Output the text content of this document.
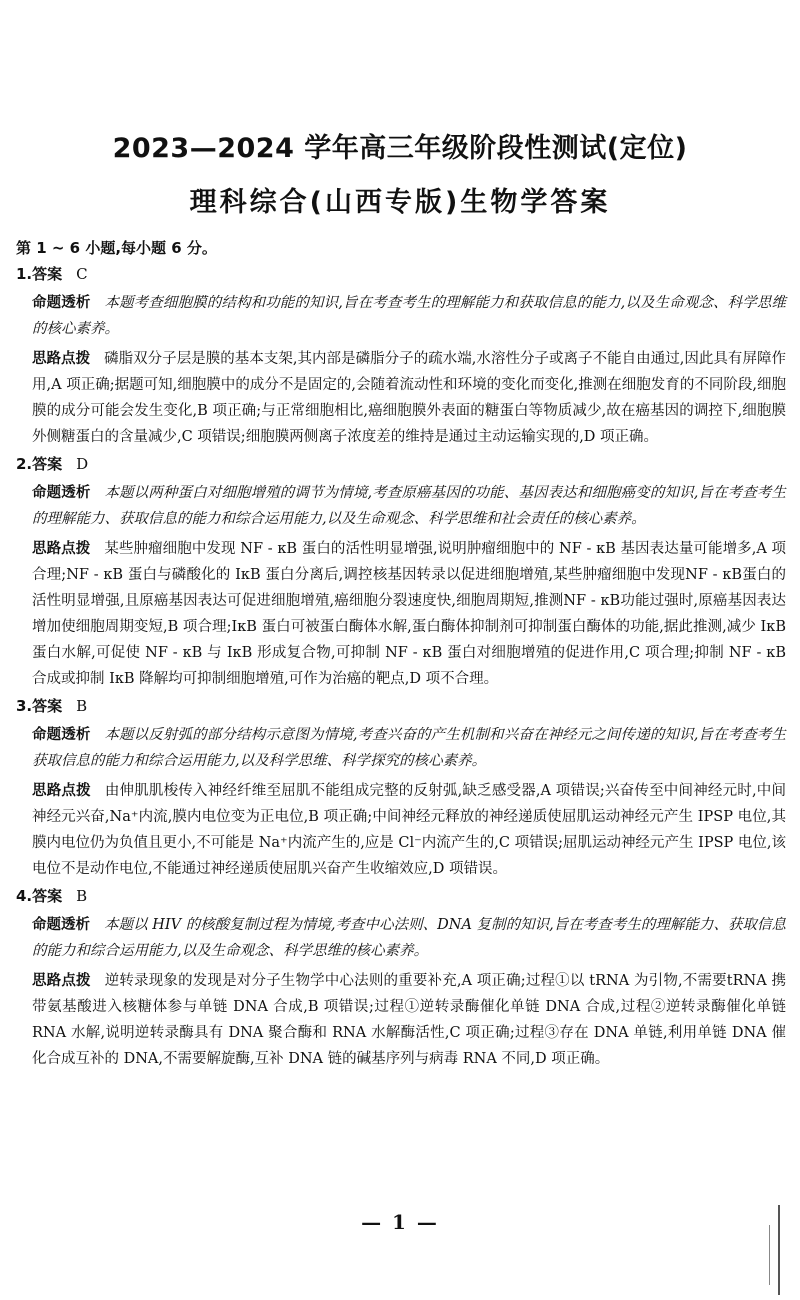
2023—2024 学年高三年级阶段性测试(定位)
理科综合(山西专版)生物学答案
第 1 ~ 6 小题,每小题 6 分。
1.答案 C
命题透析 本题考查细胞膜的结构和功能的知识,旨在考查考生的理解能力和获取信息的能力,以及生命观念、科学思维的核心素养。
思路点拨 磷脂双分子层是膜的基本支架,其内部是磷脂分子的疏水端,水溶性分子或离子不能自由通过,因此具有屏障作用,A 项正确;据题可知,细胞膜中的成分不是固定的,会随着流动性和环境的变化而变化,推测在细胞发育的不同阶段,细胞膜的成分可能会发生变化,B 项正确;与正常细胞相比,癌细胞膜外表面的糖蛋白等物质减少,故在癌基因的调控下,细胞膜外侧糖蛋白的含量减少,C 项错误;细胞膜两侧离子浓度差的维持是通过主动运输实现的,D 项正确。
2.答案 D
命题透析 本题以两种蛋白对细胞增殖的调节为情境,考查原癌基因的功能、基因表达和细胞癌变的知识,旨在考查考生的理解能力、获取信息的能力和综合运用能力,以及生命观念、科学思维和社会责任的核心素养。
思路点拨 某些肿瘤细胞中发现 NF - κB 蛋白的活性明显增强,说明肿瘤细胞中的 NF - κB 基因表达量可能增多,A 项合理;NF - κB 蛋白与磷酸化的 IκB 蛋白分离后,调控核基因转录以促进细胞增殖,某些肿瘤细胞中发现NF - κB蛋白的活性明显增强,且原癌基因表达可促进细胞增殖,癌细胞分裂速度快,细胞周期短,推测NF - κB功能过强时,原癌基因表达增加使细胞周期变短,B 项合理;IκB 蛋白可被蛋白酶体水解,蛋白酶体抑制剂可抑制蛋白酶体的功能,据此推测,减少 IκB 蛋白水解,可促使 NF - κB 与 IκB 形成复合物,可抑制 NF - κB 蛋白对细胞增殖的促进作用,C 项合理;抑制 NF - κB 合成或抑制 IκB 降解均可抑制细胞增殖,可作为治癌的靶点,D 项不合理。
3.答案 B
命题透析 本题以反射弧的部分结构示意图为情境,考查兴奋的产生机制和兴奋在神经元之间传递的知识,旨在考查考生获取信息的能力和综合运用能力,以及科学思维、科学探究的核心素养。
思路点拨 由伸肌肌梭传入神经纤维至屈肌不能组成完整的反射弧,缺乏感受器,A 项错误;兴奋传至中间神经元时,中间神经元兴奋,Na⁺内流,膜内电位变为正电位,B 项正确;中间神经元释放的神经递质使屈肌运动神经元产生 IPSP 电位,其膜内电位仍为负值且更小,不可能是 Na⁺内流产生的,应是 Cl⁻内流产生的,C 项错误;屈肌运动神经元产生 IPSP 电位,该电位不是动作电位,不能通过神经递质使屈肌兴奋产生收缩效应,D 项错误。
4.答案 B
命题透析 本题以 HIV 的核酸复制过程为情境,考查中心法则、DNA 复制的知识,旨在考查考生的理解能力、获取信息的能力和综合运用能力,以及生命观念、科学思维的核心素养。
思路点拨 逆转录现象的发现是对分子生物学中心法则的重要补充,A 项正确;过程①以 tRNA 为引物,不需要tRNA 携带氨基酸进入核糖体参与单链 DNA 合成,B 项错误;过程①逆转录酶催化单链 DNA 合成,过程②逆转录酶催化单链 RNA 水解,说明逆转录酶具有 DNA 聚合酶和 RNA 水解酶活性,C 项正确;过程③存在 DNA 单链,利用单链 DNA 催化合成互补的 DNA,不需要解旋酶,互补 DNA 链的碱基序列与病毒 RNA 不同,D 项正确。
— 1 —
